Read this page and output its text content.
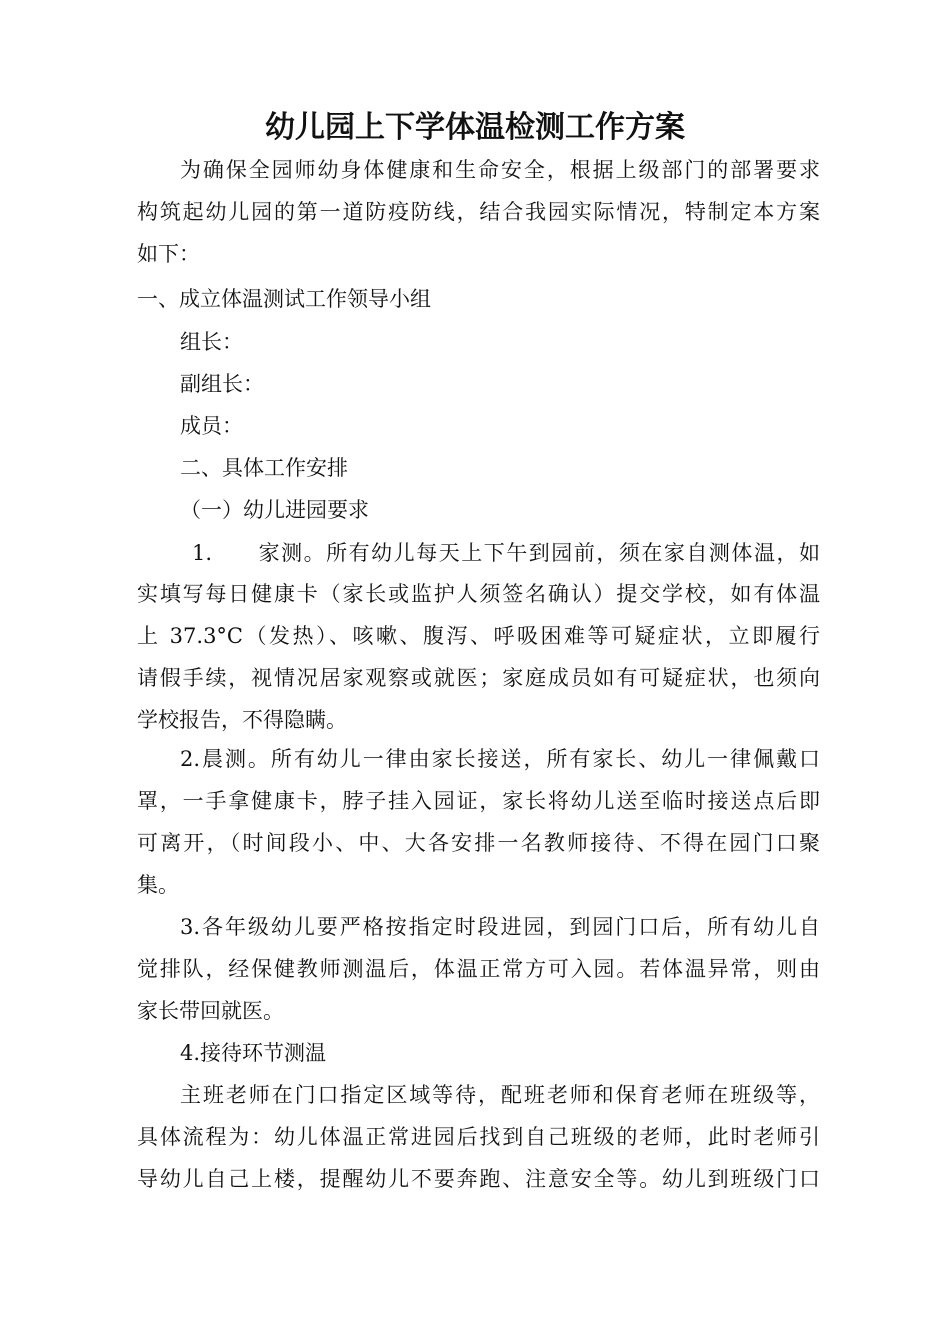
幼儿园上下学体温检测工作方案

为确保全园师幼身体健康和生命安全，根据上级部门的部署要求

构筑起幼儿园的第一道防疫防线，结合我园实际情况，特制定本方案

如下：

一、成立体温测试工作领导小组

组长：

副组长：

成员：

二、具体工作安排

（一）幼儿进园要求

1.　　家测。所有幼儿每天上下午到园前，须在家自测体温，如

实填写每日健康卡（家长或监护人须签名确认）提交学校，如有体温

上 37.3°C（发热）、咳嗽、腹泻、呼吸困难等可疑症状，立即履行

请假手续，视情况居家观察或就医；家庭成员如有可疑症状，也须向

学校报告，不得隐瞒。

2.晨测。所有幼儿一律由家长接送，所有家长、幼儿一律佩戴口

罩，一手拿健康卡，脖子挂入园证，家长将幼儿送至临时接送点后即

可离开，（时间段小、中、大各安排一名教师接待、不得在园门口聚

集。

3.各年级幼儿要严格按指定时段进园，到园门口后，所有幼儿自

觉排队，经保健教师测温后，体温正常方可入园。若体温异常，则由

家长带回就医。

4.接待环节测温

主班老师在门口指定区域等待，配班老师和保育老师在班级等，

具体流程为：幼儿体温正常进园后找到自己班级的老师，此时老师引

导幼儿自己上楼，提醒幼儿不要奔跑、注意安全等。幼儿到班级门口
